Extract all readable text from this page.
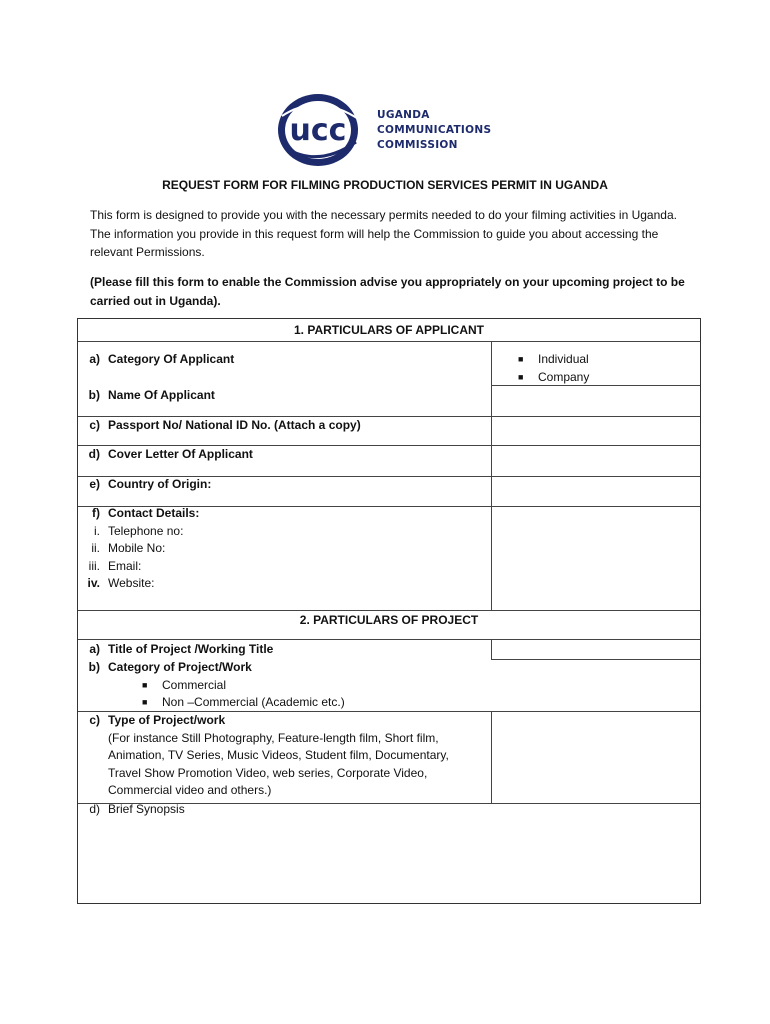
ucc	UGANDA
COMMUNICATIONS
COMMISSION
REQUEST FORM FOR FILMING PRODUCTION SERVICES PERMIT IN UGANDA
This form is designed to provide you with the necessary permits needed to do your filming activities in Uganda. The information you provide in this request form will help the Commission to guide you about accessing the relevant Permissions.
(Please fill this form to enable the Commission advise you appropriately on your upcoming project to be carried out in Uganda).
1. PARTICULARS OF APPLICANT
a) Category Of Applicant	■ Individual
■ Company
b) Name Of Applicant
c) Passport No/ National ID No. (Attach a copy)
d) Cover Letter Of Applicant
e) Country of Origin:
f) Contact Details:
i. Telephone no:
ii. Mobile No:
iii. Email:
iv. Website:
2. PARTICULARS OF PROJECT
a) Title of Project /Working Title
b) Category of Project/Work
■ Commercial
■ Non –Commercial (Academic etc.)
c) Type of Project/work
(For instance Still Photography, Feature-length film, Short film, Animation, TV Series, Music Videos, Student film, Documentary, Travel Show Promotion Video, web series, Corporate Video, Commercial video and others.)
d) Brief Synopsis
